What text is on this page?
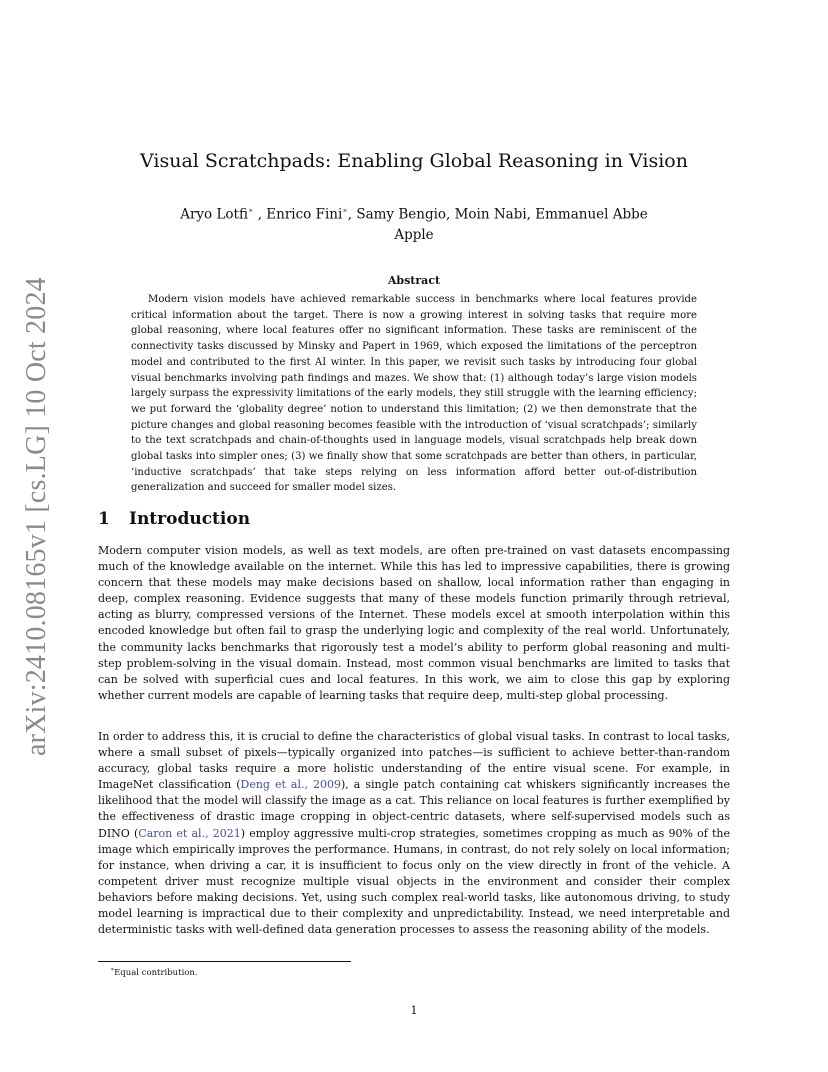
arXiv:2410.08165v1 [cs.LG] 10 Oct 2024
Visual Scratchpads: Enabling Global Reasoning in Vision
Aryo Lotfi∗ , Enrico Fini∗, Samy Bengio, Moin Nabi, Emmanuel Abbe
Apple
Abstract

Modern vision models have achieved remarkable success in benchmarks where local features provide critical information about the target. There is now a growing interest in solving tasks that require more global reasoning, where local features offer no significant information. These tasks are reminiscent of the connectivity tasks discussed by Minsky and Papert in 1969, which exposed the limitations of the perceptron model and contributed to the first AI winter. In this paper, we revisit such tasks by introducing four global visual benchmarks involving path findings and mazes. We show that: (1) although today’s large vision models largely surpass the expressivity limitations of the early models, they still struggle with the learning efficiency; we put forward the ‘globality degree’ notion to understand this limitation; (2) we then demonstrate that the picture changes and global reasoning becomes feasible with the introduction of ‘visual scratchpads’; similarly to the text scratchpads and chain-of-thoughts used in language models, visual scratchpads help break down global tasks into simpler ones; (3) we finally show that some scratchpads are better than others, in particular, ‘inductive scratchpads’ that take steps relying on less information afford better out-of-distribution generalization and succeed for smaller model sizes.

1 Introduction

Modern computer vision models, as well as text models, are often pre-trained on vast datasets encompassing much of the knowledge available on the internet. While this has led to impressive capabilities, there is growing concern that these models may make decisions based on shallow, local information rather than engaging in deep, complex reasoning. Evidence suggests that many of these models function primarily through retrieval, acting as blurry, compressed versions of the Internet. These models excel at smooth interpolation within this encoded knowledge but often fail to grasp the underlying logic and complexity of the real world. Unfortunately, the community lacks benchmarks that rigorously test a model’s ability to perform global reasoning and multi-step problem-solving in the visual domain. Instead, most common visual benchmarks are limited to tasks that can be solved with superficial cues and local features. In this work, we aim to close this gap by exploring whether current models are capable of learning tasks that require deep, multi-step global processing.

In order to address this, it is crucial to define the characteristics of global visual tasks. In contrast to local tasks, where a small subset of pixels—typically organized into patches—is sufficient to achieve better-than-random accuracy, global tasks require a more holistic understanding of the entire visual scene. For example, in ImageNet classification (Deng et al., 2009), a single patch containing cat whiskers significantly increases the likelihood that the model will classify the image as a cat. This reliance on local features is further exemplified by the effectiveness of drastic image cropping in object-centric datasets, where self-supervised models such as DINO (Caron et al., 2021) employ aggressive multi-crop strategies, sometimes cropping as much as 90% of the image which empirically improves the performance. Humans, in contrast, do not rely solely on local information; for instance, when driving a car, it is insufficient to focus only on the view directly in front of the vehicle. A competent driver must recognize multiple visual objects in the environment and consider their complex behaviors before making decisions. Yet, using such complex real-world tasks, like autonomous driving, to study model learning is impractical due to their complexity and unpredictability. Instead, we need interpretable and deterministic tasks with well-defined data generation processes to assess the reasoning ability of the models.

∗Equal contribution.
1
